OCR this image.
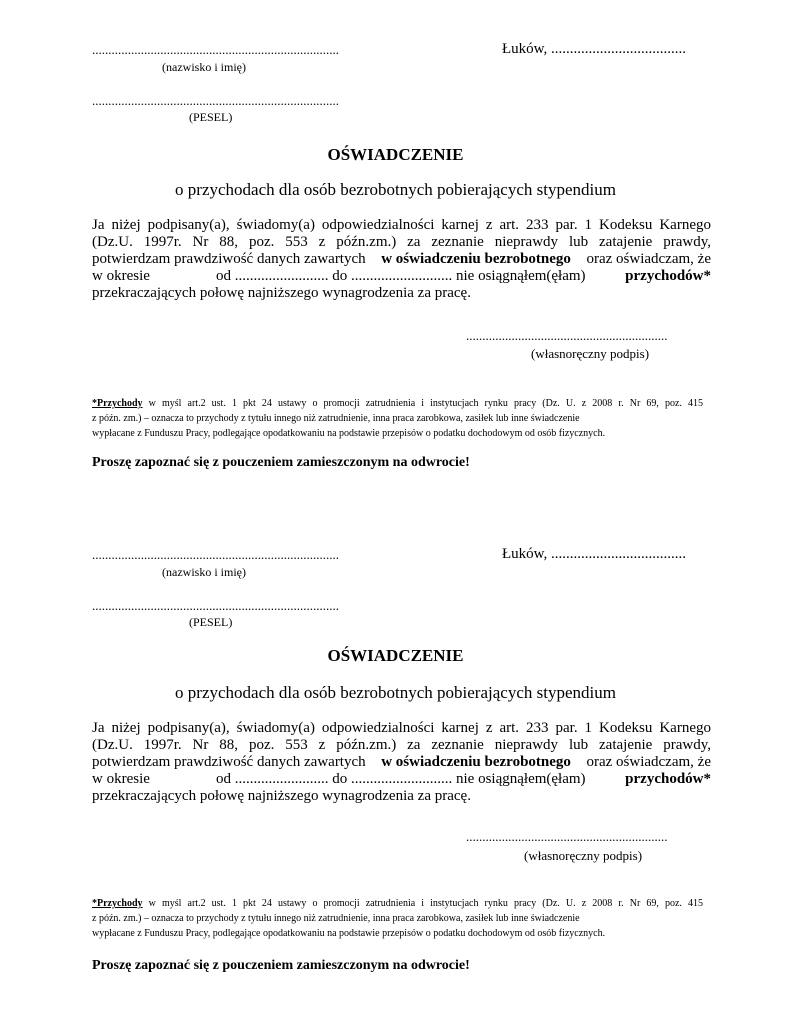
............................................................................
(nazwisko i imię)
Łuków, ....................................
............................................................................
(PESEL)
OŚWIADCZENIE
o przychodach dla osób bezrobotnych pobierających stypendium
Ja niżej podpisany(a), świadomy(a) odpowiedzialności karnej z art. 233 par. 1 Kodeksu Karnego
(Dz.U. 1997r. Nr 88, poz. 553 z późn.zm.) za zeznanie nieprawdy lub zatajenie prawdy,
potwierdzam prawdziwość danych zawartych w oświadczeniu bezrobotnego oraz oświadczam, że
w okresie	od ......................... do ........................... nie osiągnąłem(ęłam)	przychodów*
przekraczających połowę najniższego wynagrodzenia za pracę.
..............................................................
(własnoręczny podpis)
*Przychody w myśl art.2 ust. 1 pkt 24 ustawy o promocji zatrudnienia i instytucjach rynku pracy (Dz. U. z 2008 r. Nr 69, poz. 415
z późn. zm.) – oznacza to przychody z tytułu innego niż zatrudnienie, inna praca zarobkowa, zasiłek lub inne świadczenie
wypłacane z Funduszu Pracy, podlegające opodatkowaniu na podstawie przepisów o podatku dochodowym od osób fizycznych.
Proszę zapoznać się z pouczeniem zamieszczonym na odwrocie!
............................................................................
(nazwisko i imię)
Łuków, ....................................
............................................................................
(PESEL)
OŚWIADCZENIE
o przychodach dla osób bezrobotnych pobierających stypendium
Ja niżej podpisany(a), świadomy(a) odpowiedzialności karnej z art. 233 par. 1 Kodeksu Karnego
(Dz.U. 1997r. Nr 88, poz. 553 z późn.zm.) za zeznanie nieprawdy lub zatajenie prawdy,
potwierdzam prawdziwość danych zawartych w oświadczeniu bezrobotnego oraz oświadczam, że
w okresie	od ......................... do ........................... nie osiągnąłem(ęłam)	przychodów*
przekraczających połowę najniższego wynagrodzenia za pracę.
..............................................................
(własnoręczny podpis)
*Przychody w myśl art.2 ust. 1 pkt 24 ustawy o promocji zatrudnienia i instytucjach rynku pracy (Dz. U. z 2008 r. Nr 69, poz. 415
z późn. zm.) – oznacza to przychody z tytułu innego niż zatrudnienie, inna praca zarobkowa, zasiłek lub inne świadczenie
wypłacane z Funduszu Pracy, podlegające opodatkowaniu na podstawie przepisów o podatku dochodowym od osób fizycznych.
Proszę zapoznać się z pouczeniem zamieszczonym na odwrocie!
